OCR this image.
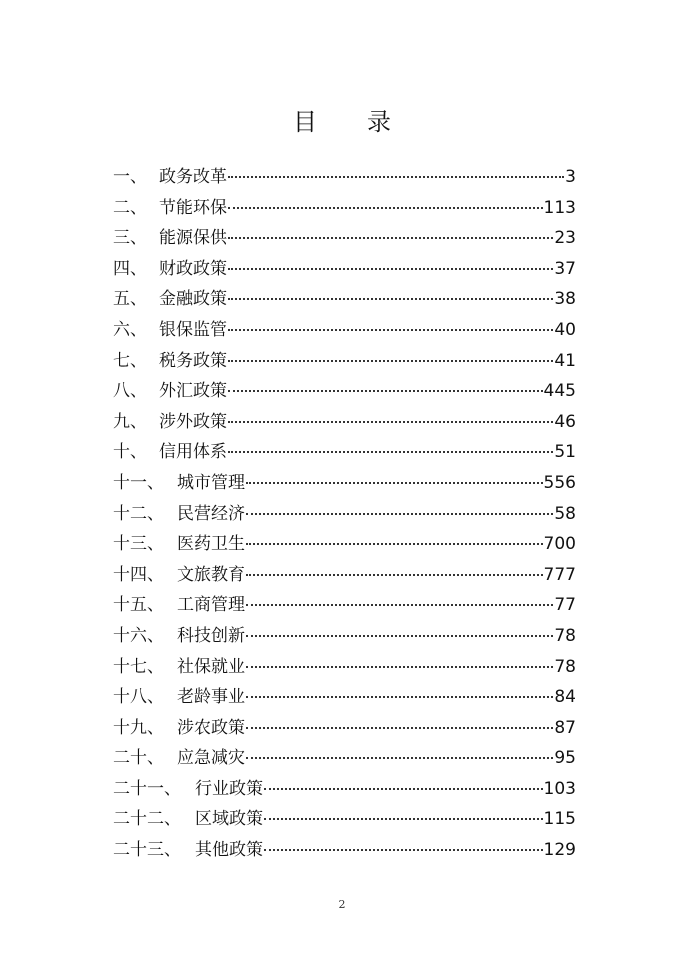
目 录
一、 政务改革	3
二、 节能环保	113
三、 能源保供	23
四、 财政政策	37
五、 金融政策	38
六、 银保监管	40
七、 税务政策	41
八、 外汇政策	445
九、 涉外政策	46
十、 信用体系	51
十一、 城市管理	556
十二、 民营经济	58
十三、 医药卫生	700
十四、 文旅教育	777
十五、 工商管理	77
十六、 科技创新	78
十七、 社保就业	78
十八、 老龄事业	84
十九、 涉农政策	87
二十、 应急减灾	95
二十一、 行业政策	103
二十二、 区域政策	115
二十三、 其他政策	129
2
